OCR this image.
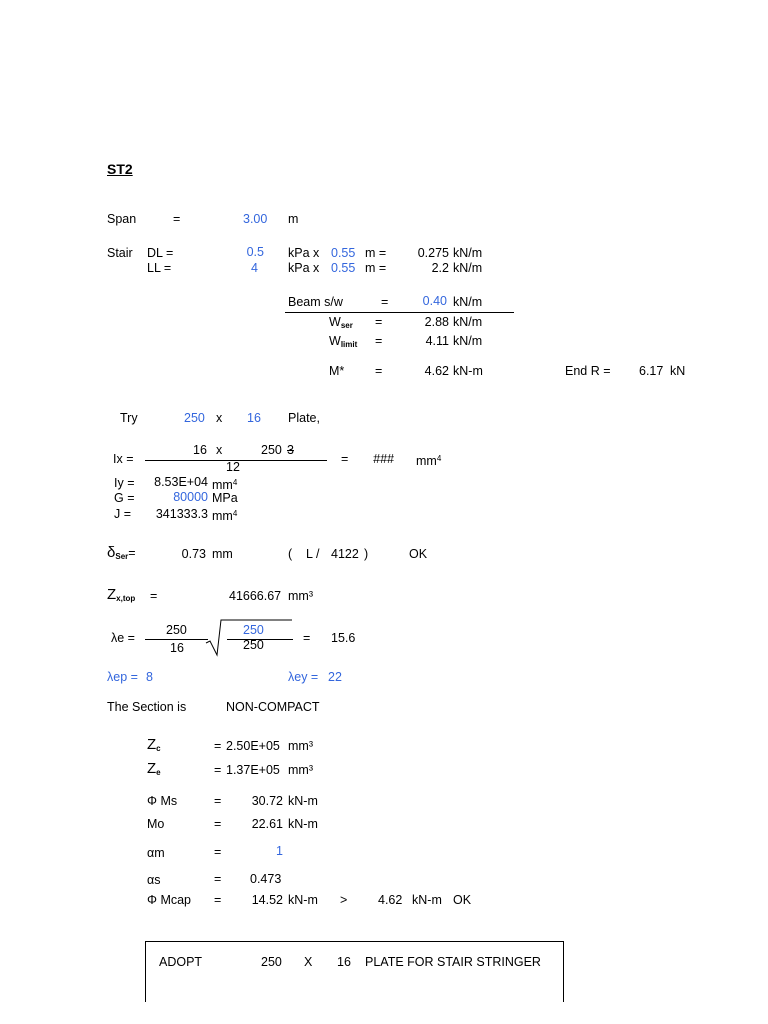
ST2
Span	=	3.00 m
Stair DL =	0.5 kPa x 0.55 m =	0.275 kN/m
LL =	4 kPa x 0.55 m =	2.2 kN/m
Beam s/w	=	0.40 kN/m
$W_{ser}$ =	2.88 kN/m
$W_{limit}$ =	4.11 kN/m
M* =	4.62 kN-m	End R = 6.17 kN
Try	250 x 16 Plate,
Ix =
16 x	250 3
12
= ### $mm^4$
Iy =	8.53E+04 $mm^4$
G =	80000 MPa
J =	341333.3 $mm^4$
$\delta_{Ser}=$	0.73 mm	( L / 4122 )	OK
$Z_{x,top}$ =	41666.67 mm³
λe =
250
16
250
250	= 15.6
λep = 8	λey = 22
The Section is	NON-COMPACT
$Z_c$	= 2.50E+05 mm³
$Z_e$	= 1.37E+05 mm³
Φ Ms	=	30.72 kN-m
Mo	=	22.61 kN-m
αm	=	1
αs	= 0.473
Φ Mcap =	14.52 kN-m > 4.62 kN-m OK
ADOPT	250 X 16 PLATE FOR STAIR STRINGER
